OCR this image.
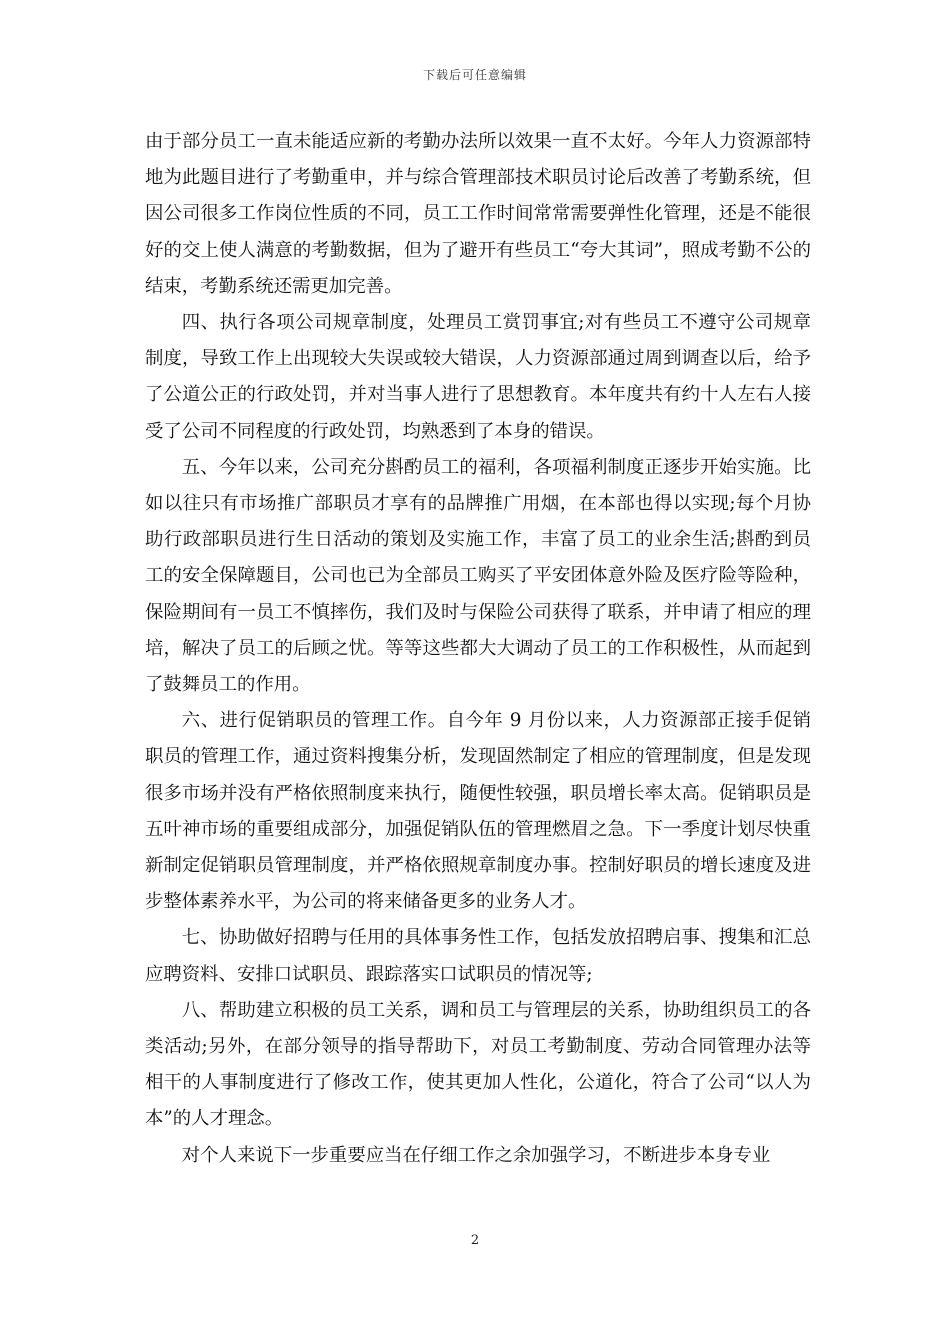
下载后可任意编辑

由于部分员工一直未能适应新的考勤办法所以效果一直不太好。今年人力资源部特地为此题目进行了考勤重申，并与综合管理部技术职员讨论后改善了考勤系统，但因公司很多工作岗位性质的不同，员工工作时间常常需要弹性化管理，还是不能很好的交上使人满意的考勤数据，但为了避开有些员工“夸大其词”，照成考勤不公的结束，考勤系统还需更加完善。

四、执行各项公司规章制度，处理员工赏罚事宜;对有些员工不遵守公司规章制度，导致工作上出现较大失误或较大错误，人力资源部通过周到调查以后，给予了公道公正的行政处罚，并对当事人进行了思想教育。本年度共有约十人左右人接受了公司不同程度的行政处罚，均熟悉到了本身的错误。

五、今年以来，公司充分斟酌员工的福利，各项福利制度正逐步开始实施。比如以往只有市场推广部职员才享有的品牌推广用烟，在本部也得以实现;每个月协助行政部职员进行生日活动的策划及实施工作，丰富了员工的业余生活;斟酌到员工的安全保障题目，公司也已为全部员工购买了平安团体意外险及医疗险等险种，保险期间有一员工不慎摔伤，我们及时与保险公司获得了联系，并申请了相应的理培，解决了员工的后顾之忧。等等这些都大大调动了员工的工作积极性，从而起到了鼓舞员工的作用。

六、进行促销职员的管理工作。自今年 9 月份以来，人力资源部正接手促销职员的管理工作，通过资料搜集分析，发现固然制定了相应的管理制度，但是发现很多市场并没有严格依照制度来执行，随便性较强，职员增长率太高。促销职员是五叶神市场的重要组成部分，加强促销队伍的管理燃眉之急。下一季度计划尽快重新制定促销职员管理制度，并严格依照规章制度办事。控制好职员的增长速度及进步整体素养水平，为公司的将来储备更多的业务人才。

七、协助做好招聘与任用的具体事务性工作，包括发放招聘启事、搜集和汇总应聘资料、安排口试职员、跟踪落实口试职员的情况等;

八、帮助建立积极的员工关系，调和员工与管理层的关系，协助组织员工的各类活动;另外，在部分领导的指导帮助下，对员工考勤制度、劳动合同管理办法等相干的人事制度进行了修改工作，使其更加人性化，公道化，符合了公司“以人为本”的人才理念。

对个人来说下一步重要应当在仔细工作之余加强学习，不断进步本身专业

2
